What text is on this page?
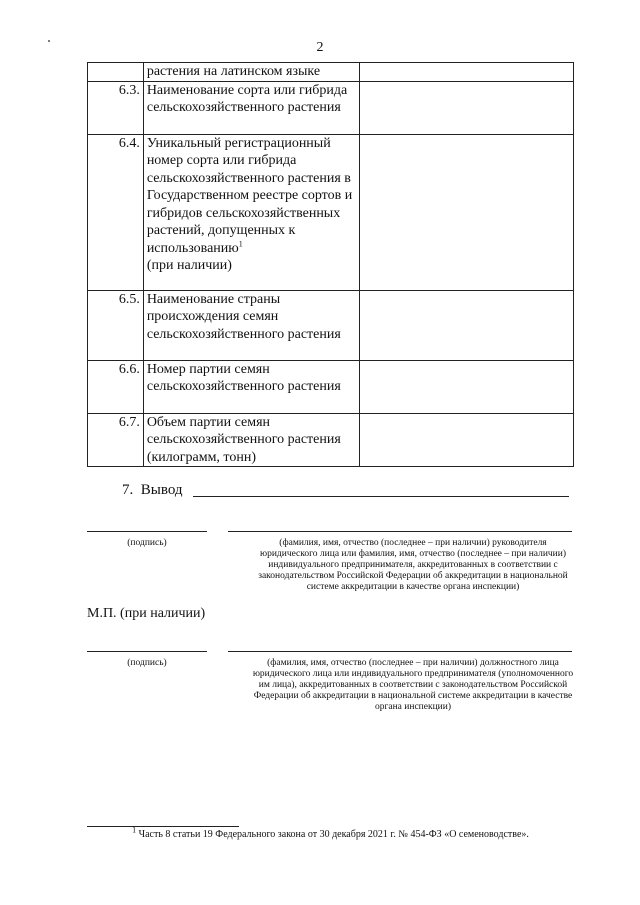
2
	растения на латинском языке	
6.3.	Наименование сорта или гибрида сельскохозяйственного растения	
6.4.	Уникальный регистрационный номер сорта или гибрида сельскохозяйственного растения в Государственном реестре сортов и гибридов сельскохозяйственных растений, допущенных к использованию$^1$
(при наличии)	
6.5.	Наименование страны происхождения семян сельскохозяйственного растения	
6.6.	Номер партии семян сельскохозяйственного растения	
6.7.	Объем партии семян сельскохозяйственного растения (килограмм, тонн)	
7. Вывод
(подпись)	(фамилия, имя, отчество (последнее – при наличии) руководителя юридического лица или фамилия, имя, отчество (последнее – при наличии) индивидуального предпринимателя, аккредитованных в соответствии с законодательством Российской Федерации об аккредитации в национальной системе аккредитации в качестве органа инспекции)
М.П. (при наличии)
(подпись)	(фамилия, имя, отчество (последнее – при наличии) должностного лица юридического лица или индивидуального предпринимателя (уполномоченного им лица), аккредитованных в соответствии с законодательством Российской Федерации об аккредитации в национальной системе аккредитации в качестве органа инспекции)
$^1$ Часть 8 статьи 19 Федерального закона от 30 декабря 2021 г. № 454-ФЗ «О семеноводстве».
